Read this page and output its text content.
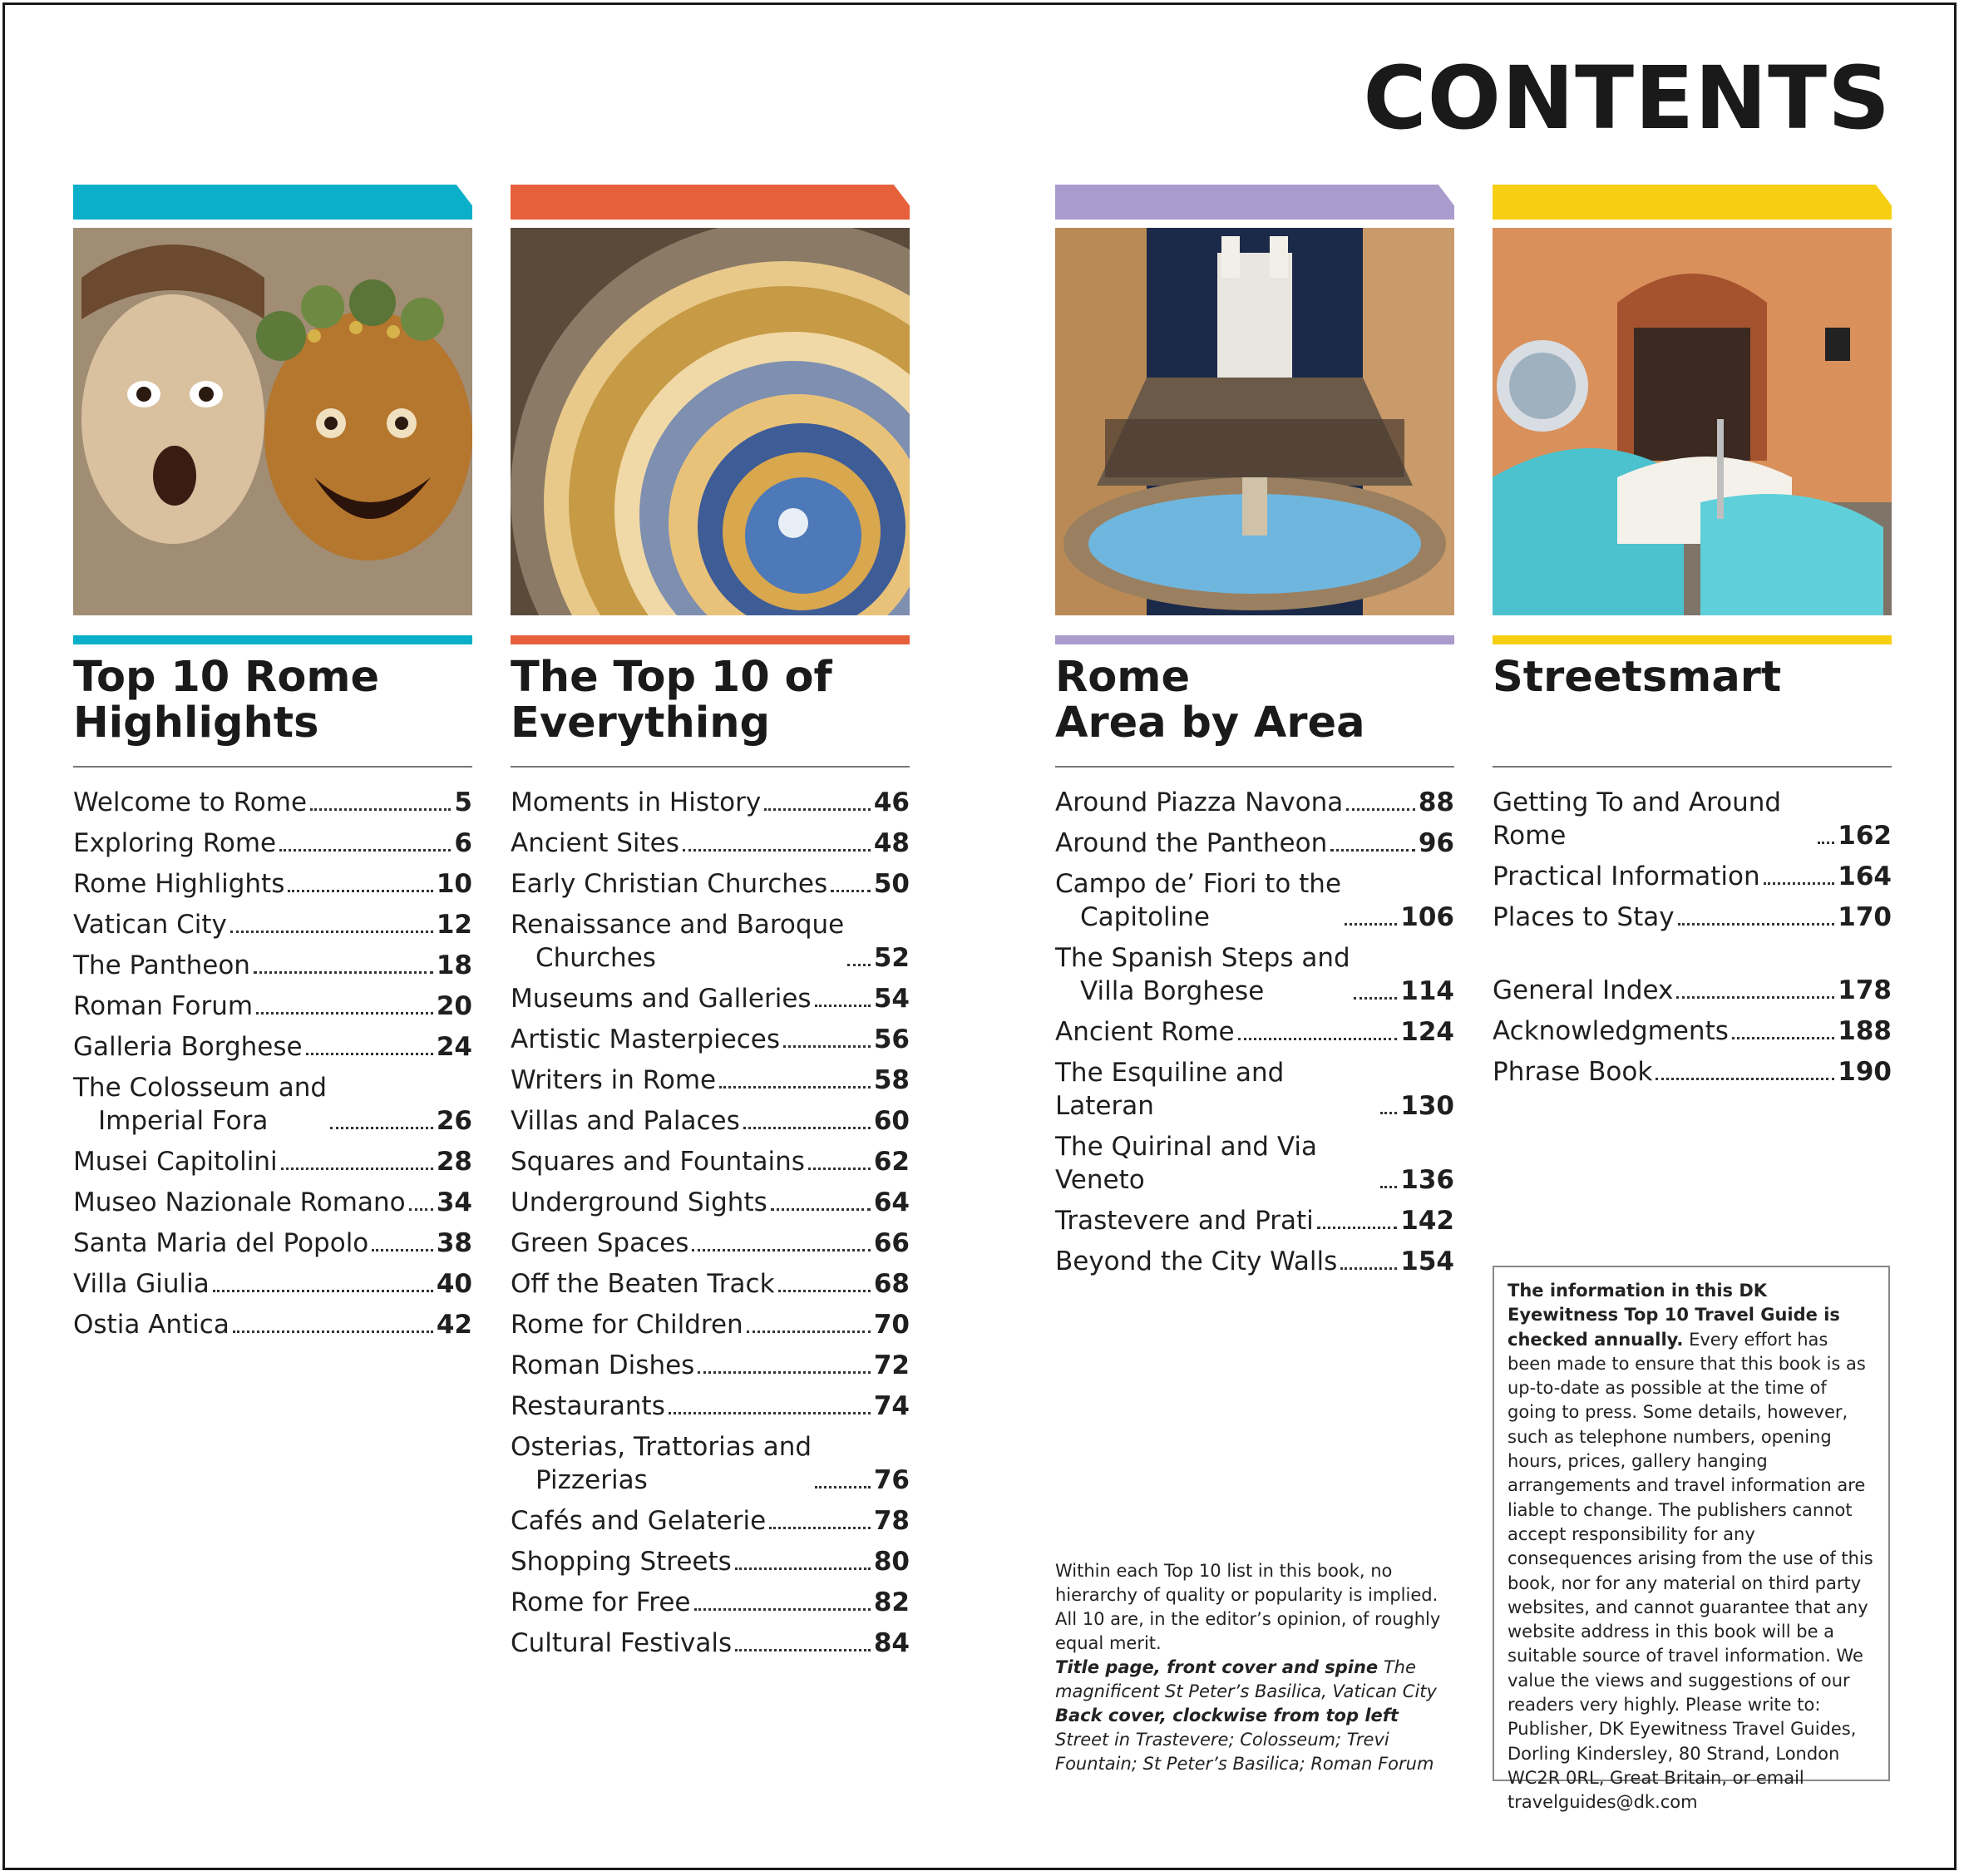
CONTENTS
Top 10 Rome
Highlights
Welcome to Rome	5
Exploring Rome	6
Rome Highlights	10
Vatican City	12
The Pantheon	18
Roman Forum	20
Galleria Borghese	24
The Colosseum and
Imperial Fora	26
Musei Capitolini	28
Museo Nazionale Romano 34
Santa Maria del Popolo	38
Villa Giulia	40
Ostia Antica	42
The Top 10 of
Everything
Moments in History	46
Ancient Sites	48
Early Christian Churches 50
Renaissance and Baroque
Churches	52
Museums and Galleries 54
Artistic Masterpieces	56
Writers in Rome	58
Villas and Palaces	60
Squares and Fountains	62
Underground Sights	64
Green Spaces	66
Off the Beaten Track	68
Rome for Children	70
Roman Dishes	72
Restaurants	74
Osterias, Trattorias and
Pizzerias	76
Cafés and Gelaterie	78
Shopping Streets	80
Rome for Free	82
Cultural Festivals	84
Rome
Area by Area
Around Piazza Navona	88
Around the Pantheon	96
Campo de’ Fiori to the
Capitoline	106
The Spanish Steps and
Villa Borghese	114
Ancient Rome	124
The Esquiline and Lateran	130
The Quirinal and Via Veneto	136
Trastevere and Prati	142
Beyond the City Walls 154
Streetsmart
Getting To and Around Rome	162
Practical Information	164
Places to Stay	170
General Index	178
Acknowledgments	188
Phrase Book	190
Within each Top 10 list in this book, no hierarchy of quality or popularity is implied. All 10 are, in the editor’s opinion, of roughly equal merit.
Title page, front cover and spine The magnificent St Peter’s Basilica, Vatican City
Back cover, clockwise from top left Street in Trastevere; Colosseum; Trevi Fountain; St Peter’s Basilica; Roman Forum
The information in this DK Eyewitness Top 10 Travel Guide is checked annually. Every effort has been made to ensure that this book is as up-to-date as possible at the time of going to press. Some details, however, such as telephone numbers, opening hours, prices, gallery hanging arrangements and travel information are liable to change. The publishers cannot accept responsibility for any consequences arising from the use of this book, nor for any material on third party websites, and cannot guarantee that any website address in this book will be a suitable source of travel information. We value the views and suggestions of our readers very highly. Please write to: Publisher, DK Eyewitness Travel Guides, Dorling Kindersley, 80 Strand, London WC2R 0RL, Great Britain, or email travelguides@dk.com
